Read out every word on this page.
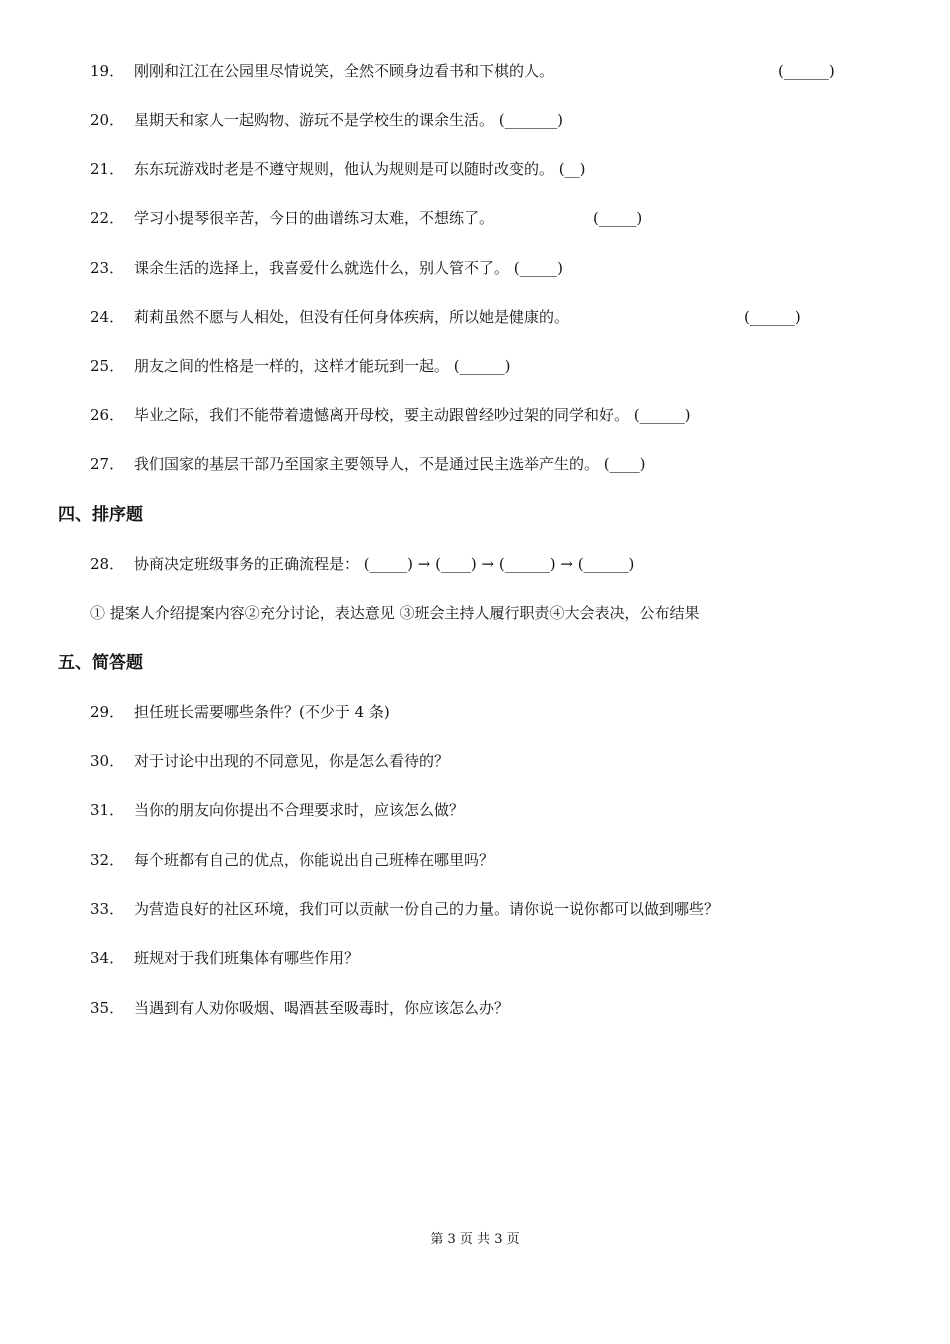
19． 刚刚和江江在公园里尽情说笑，全然不顾身边看书和下棋的人。	(______)
20． 星期天和家人一起购物、游玩不是学校生的课余生活。 (_______)
21． 东东玩游戏时老是不遵守规则，他认为规则是可以随时改变的。 (__)
22． 学习小提琴很辛苦，今日的曲谱练习太难，不想练了。	(_____)
23． 课余生活的选择上，我喜爱什么就选什么，别人管不了。 (_____)
24． 莉莉虽然不愿与人相处，但没有任何身体疾病，所以她是健康的。	(______)
25． 朋友之间的性格是一样的，这样才能玩到一起。 (______)
26． 毕业之际，我们不能带着遗憾离开母校，要主动跟曾经吵过架的同学和好。 (______)
27． 我们国家的基层干部乃至国家主要领导人，不是通过民主选举产生的。 (____)
四、排序题
28． 协商决定班级事务的正确流程是： (_____) → (____) → (______) → (______)
① 提案人介绍提案内容②充分讨论，表达意见 ③班会主持人履行职责④大会表决，公布结果
五、简答题
29． 担任班长需要哪些条件？(不少于 4 条)
30． 对于讨论中出现的不同意见，你是怎么看待的？
31． 当你的朋友向你提出不合理要求时，应该怎么做？
32． 每个班都有自己的优点，你能说出自己班棒在哪里吗？
33． 为营造良好的社区环境，我们可以贡献一份自己的力量。请你说一说你都可以做到哪些？
34． 班规对于我们班集体有哪些作用？
35． 当遇到有人劝你吸烟、喝酒甚至吸毒时，你应该怎么办？
第 3 页 共 3 页
